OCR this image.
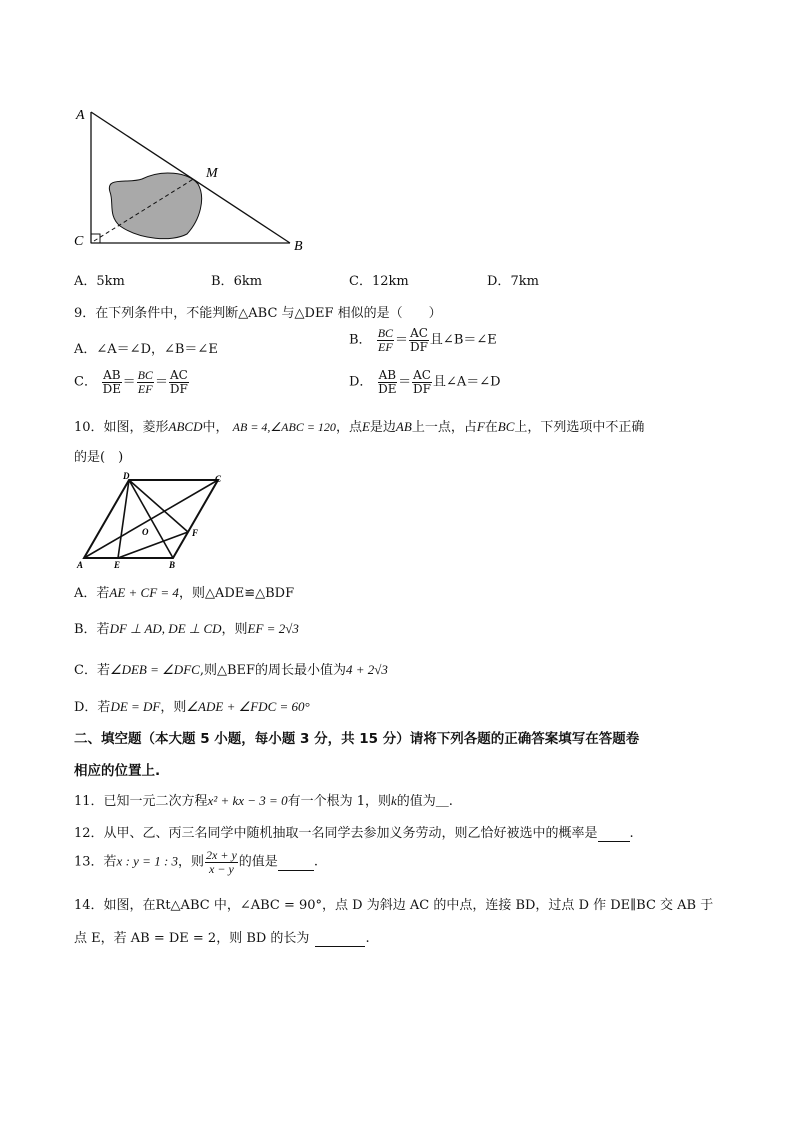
A
M
C	B
A．5km	B．6km	C．12km	D．7km
9．在下列条件中，不能判断△ABC 与△DEF 相似的是（　　）
A．∠A＝∠D，∠B＝∠E
B． $\frac{BC}{EF} = \frac{AC}{DF}$ 且∠B＝∠E
C． $\frac{AB}{DE} = \frac{BC}{EF} = \frac{AC}{DF}$	D． $\frac{AB}{DE} = \frac{AC}{DF}$ 且∠A＝∠D
10．如图，菱形ABCD中， AB = 4,∠ABC = 120，点E是边AB上一点，占F在BC上，下列选项中不正确
的是(　)
D	C
O	F
A	E	B
A．若AE + CF = 4，则△ADE≌△BDF
B．若DF ⊥ AD, DE ⊥ CD，则EF = 2√3
C．若∠DEB = ∠DFC,则△BEF的周长最小值为4 + 2√3
D．若DE = DF，则∠ADE + ∠FDC = 60°
二、填空题（本大题 5 小题，每小题 3 分，共 15 分）请将下列各题的正确答案填写在答题卷
相应的位置上.
11．已知一元二次方程x² + kx − 3 = 0有一个根为 1，则k的值为＿.
12．从甲、乙、丙三名同学中随机抽取一名同学去参加义务劳动，则乙恰好被选中的概率是 .
13．若x : y = 1 : 3，则 $\frac{2x + y}{x - y}$ 的值是	.
14．如图，在Rt△ABC 中，∠ABC = 90°，点 D 为斜边 AC 的中点，连接 BD，过点 D 作 DE∥BC 交 AB 于
点 E，若 AB = DE = 2，则 BD 的长为	.
